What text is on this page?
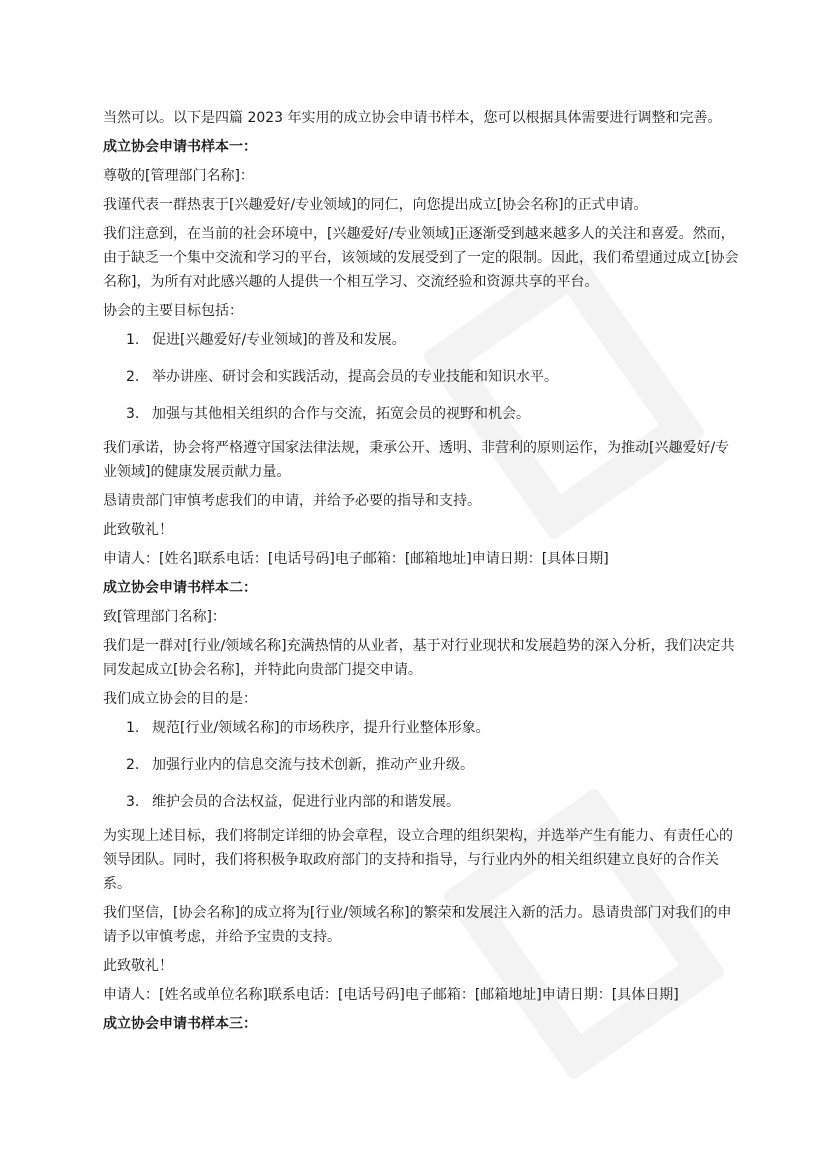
当然可以。以下是四篇 2023 年实用的成立协会申请书样本，您可以根据具体需要进行调整和完善。

成立协会申请书样本一：

尊敬的[管理部门名称]：

我谨代表一群热衷于[兴趣爱好/专业领域]的同仁，向您提出成立[协会名称]的正式申请。

我们注意到，在当前的社会环境中，[兴趣爱好/专业领域]正逐渐受到越来越多人的关注和喜爱。然而，由于缺乏一个集中交流和学习的平台，该领域的发展受到了一定的限制。因此，我们希望通过成立[协会名称]，为所有对此感兴趣的人提供一个相互学习、交流经验和资源共享的平台。

协会的主要目标包括：

1. 促进[兴趣爱好/专业领域]的普及和发展。
2. 举办讲座、研讨会和实践活动，提高会员的专业技能和知识水平。
3. 加强与其他相关组织的合作与交流，拓宽会员的视野和机会。

我们承诺，协会将严格遵守国家法律法规，秉承公开、透明、非营利的原则运作，为推动[兴趣爱好/专业领域]的健康发展贡献力量。

恳请贵部门审慎考虑我们的申请，并给予必要的指导和支持。

此致敬礼！

申请人：[姓名]联系电话：[电话号码]电子邮箱：[邮箱地址]申请日期：[具体日期]

成立协会申请书样本二：

致[管理部门名称]：

我们是一群对[行业/领域名称]充满热情的从业者，基于对行业现状和发展趋势的深入分析，我们决定共同发起成立[协会名称]，并特此向贵部门提交申请。

我们成立协会的目的是：

1. 规范[行业/领域名称]的市场秩序，提升行业整体形象。
2. 加强行业内的信息交流与技术创新，推动产业升级。
3. 维护会员的合法权益，促进行业内部的和谐发展。

为实现上述目标，我们将制定详细的协会章程，设立合理的组织架构，并选举产生有能力、有责任心的领导团队。同时，我们将积极争取政府部门的支持和指导，与行业内外的相关组织建立良好的合作关系。

我们坚信，[协会名称]的成立将为[行业/领域名称]的繁荣和发展注入新的活力。恳请贵部门对我们的申请予以审慎考虑，并给予宝贵的支持。

此致敬礼！

申请人：[姓名或单位名称]联系电话：[电话号码]电子邮箱：[邮箱地址]申请日期：[具体日期]

成立协会申请书样本三：
